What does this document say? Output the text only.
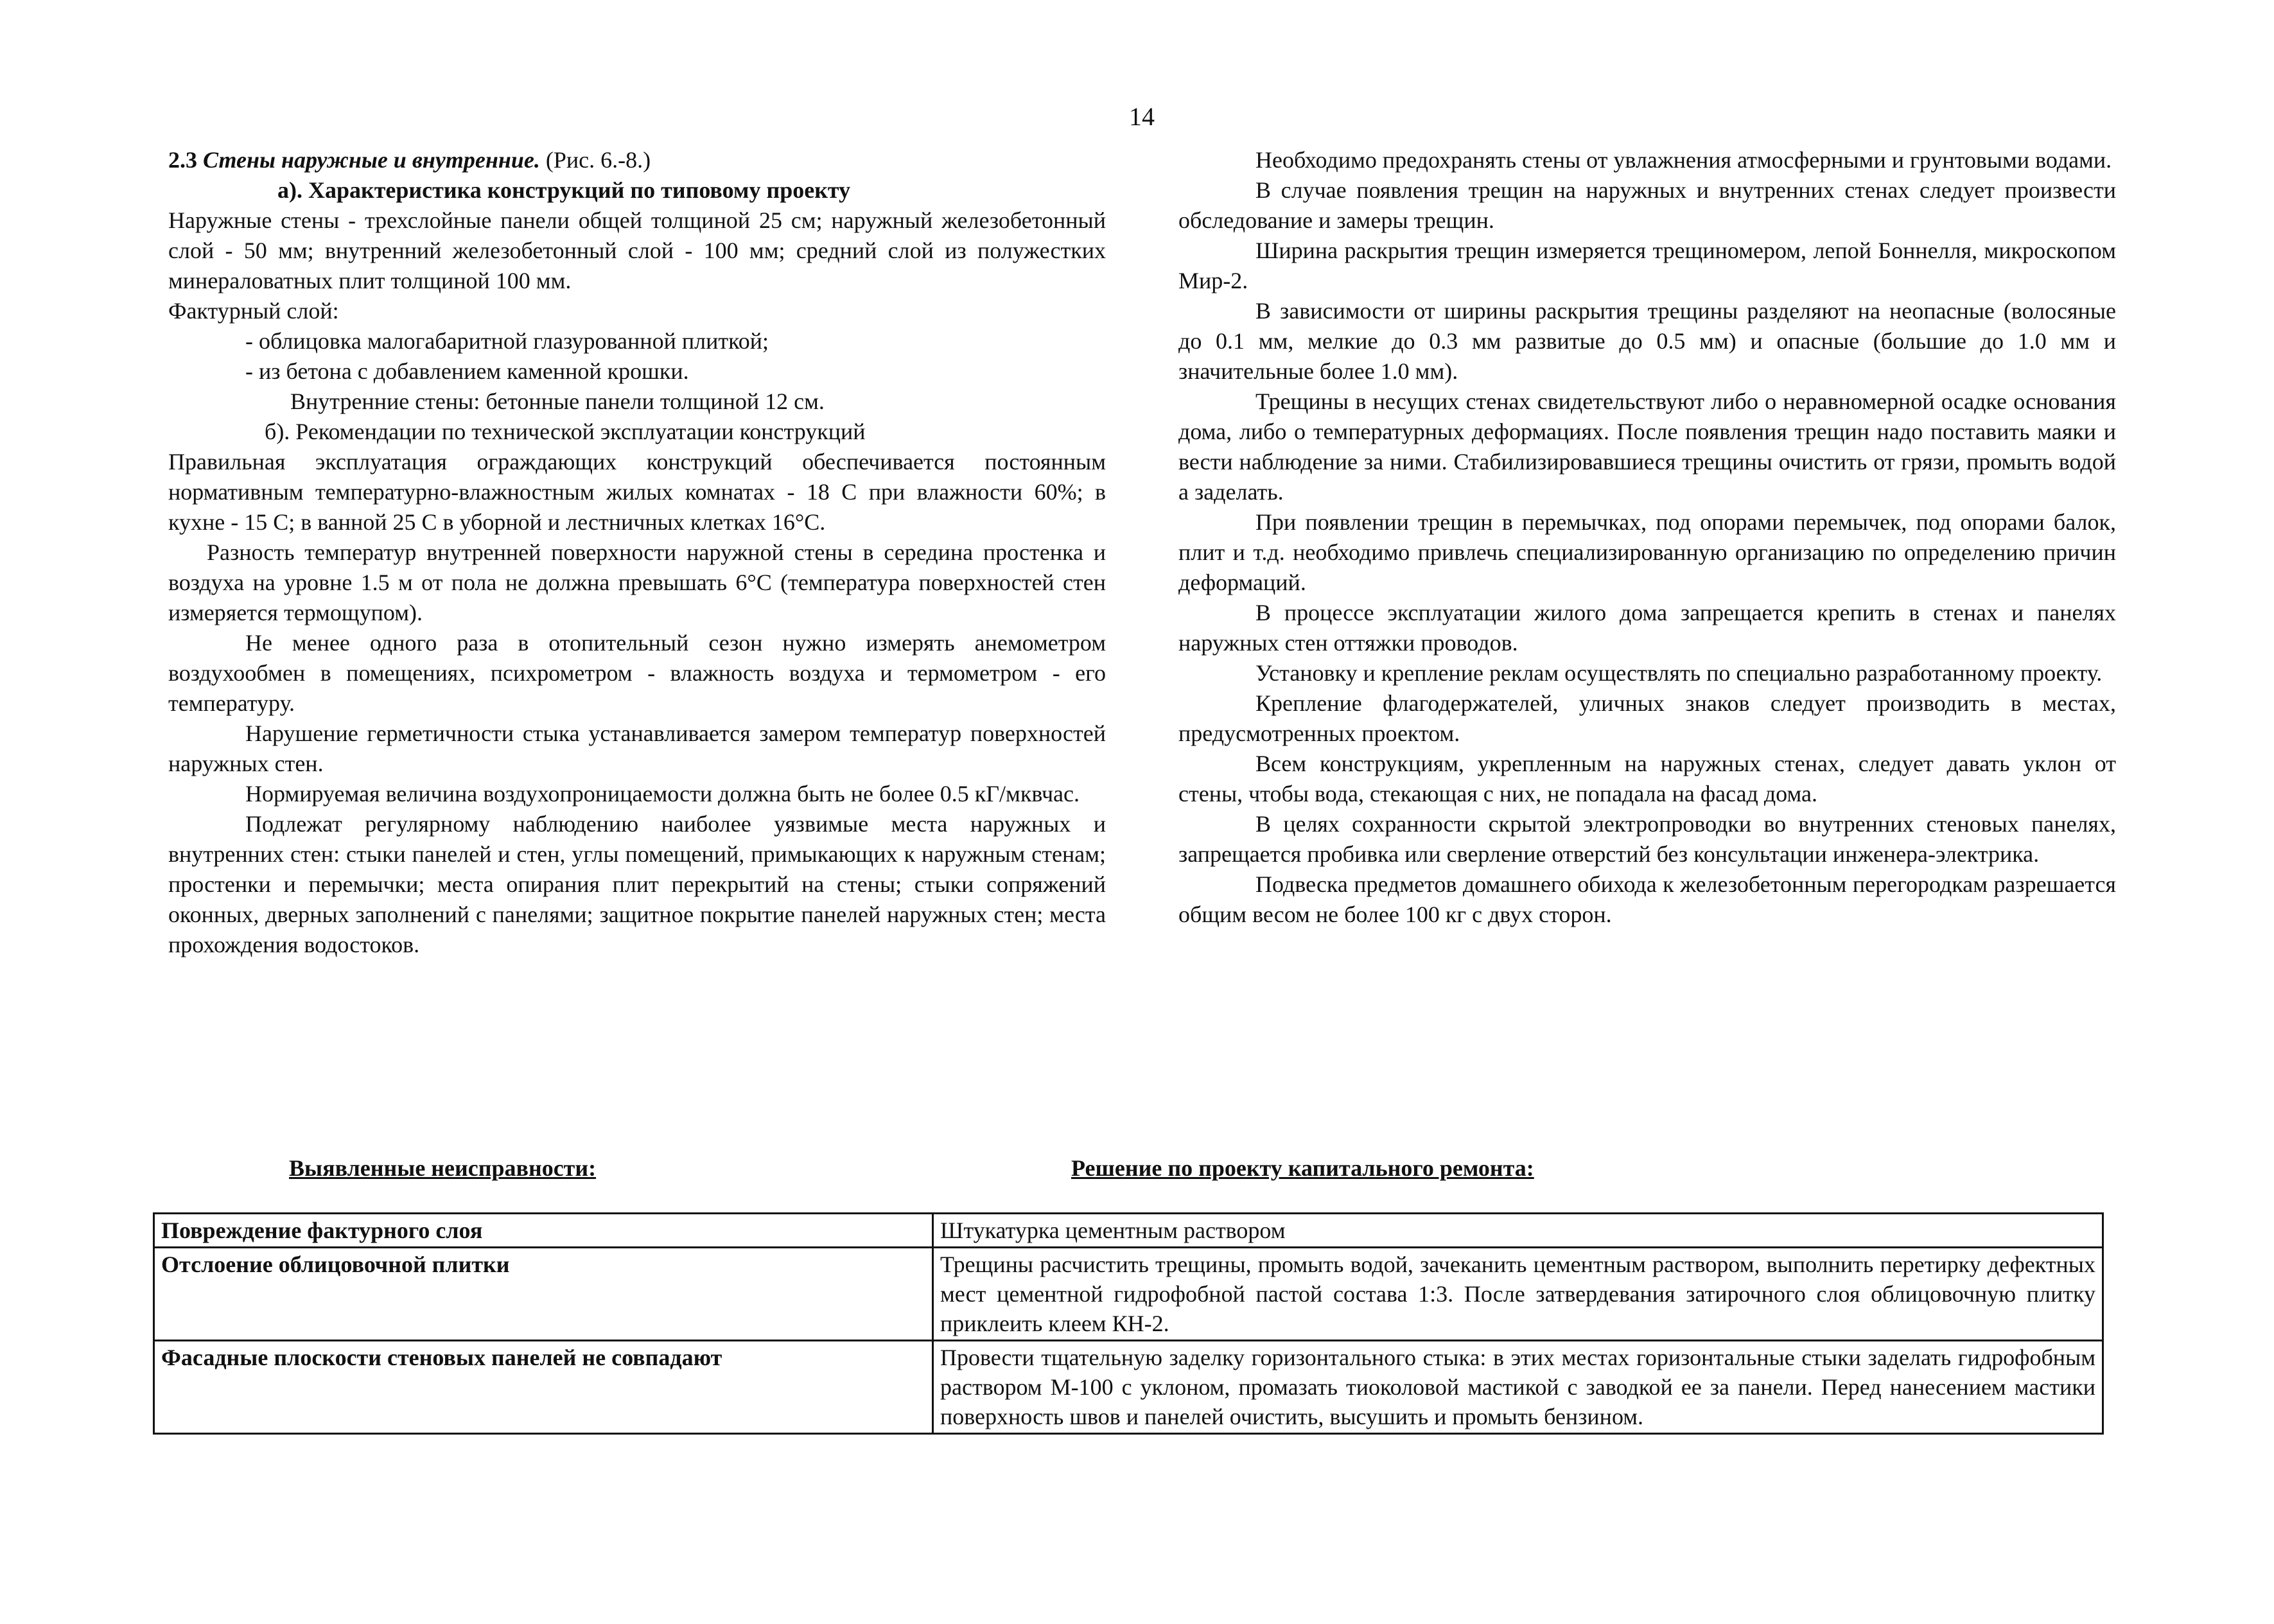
14

2.3 Стены наружные и внутренние. (Рис. 6.-8.)

а). Характеристика конструкций по типовому проекту

Наружные стены - трехслойные панели общей толщиной 25 см; наружный железобетонный слой - 50 мм; внутренний железобетонный слой - 100 мм; средний слой из полужестких минераловатных плит толщиной 100 мм.

Фактурный слой:

- облицовка малогабаритной глазурованной плиткой;

- из бетона с добавлением каменной крошки.

Внутренние стены: бетонные панели толщиной 12 см.

б). Рекомендации по технической эксплуатации конструкций

Правильная эксплуатация ограждающих конструкций обеспечивается постоянным нормативным температурно-влажностным жилых комнатах - 18 С при влажности 60%; в кухне - 15 С; в ванной 25 С в уборной и лестничных клетках 16°С.

Разность температур внутренней поверхности наружной стены в середина простенка и воздуха на уровне 1.5 м от пола не должна превышать 6°С (температура поверхностей стен измеряется термощупом).

Не менее одного раза в отопительный сезон нужно измерять анемометром воздухообмен в помещениях, психрометром - влажность воздуха и термометром - его температуру.

Нарушение герметичности стыка устанавливается замером температур поверхностей наружных стен.

Нормируемая величина воздухопроницаемости должна быть не более 0.5 кГ/мквчас.

Подлежат регулярному наблюдению наиболее уязвимые места наружных и внутренних стен: стыки панелей и стен, углы помещений, примыкающих к наружным стенам; простенки и перемычки; места опирания плит перекрытий на стены; стыки сопряжений оконных, дверных заполнений с панелями; защитное покрытие панелей наружных стен; места прохождения водостоков.

Необходимо предохранять стены от увлажнения атмосферными и грунтовыми водами.

В случае появления трещин на наружных и внутренних стенах следует произвести обследование и замеры трещин.

Ширина раскрытия трещин измеряется трещиномером, лепой Боннелля, микроскопом Мир-2.

В зависимости от ширины раскрытия трещины разделяют на неопасные (волосяные до 0.1 мм, мелкие до 0.3 мм развитые до 0.5 мм) и опасные (большие до 1.0 мм и значительные более 1.0 мм).

Трещины в несущих стенах свидетельствуют либо о неравномерной осадке основания дома, либо о температурных деформациях. После появления трещин надо поставить маяки и вести наблюдение за ними. Стабилизировавшиеся трещины очистить от грязи, промыть водой а заделать.

При появлении трещин в перемычках, под опорами перемычек, под опорами балок, плит и т.д. необходимо привлечь специализированную организацию по определению причин деформаций.

В процессе эксплуатации жилого дома запрещается крепить в стенах и панелях наружных стен оттяжки проводов.

Установку и крепление реклам осуществлять по специально разработанному проекту.

Крепление флагодержателей, уличных знаков следует производить в местах, предусмотренных проектом.

Всем конструкциям, укрепленным на наружных стенах, следует давать уклон от стены, чтобы вода, стекающая с них, не попадала на фасад дома.

В целях сохранности скрытой электропроводки во внутренних стеновых панелях, запрещается пробивка или сверление отверстий без консультации инженера-электрика.

Подвеска предметов домашнего обихода к железобетонным перегородкам разрешается общим весом не более 100 кг с двух сторон.

Выявленные неисправности:	Решение по проекту капитального ремонта:
Повреждение фактурного слоя	Штукатурка цементным раствором
Отслоение облицовочной плитки	Трещины расчистить трещины, промыть водой, зачеканить цементным раствором, выполнить перетирку дефектных мест цементной гидрофобной пастой состава 1:3. После затвердевания затирочного слоя облицовочную плитку приклеить клеем КН-2.
Фасадные плоскости стеновых панелей не совпадают	Провести тщательную заделку горизонтального стыка: в этих местах горизонтальные стыки заделать гидрофобным раствором М-100 с уклоном, промазать тиоколовой мастикой с заводкой ее за панели. Перед нанесением мастики поверхность швов и панелей очистить, высушить и промыть бензином.
